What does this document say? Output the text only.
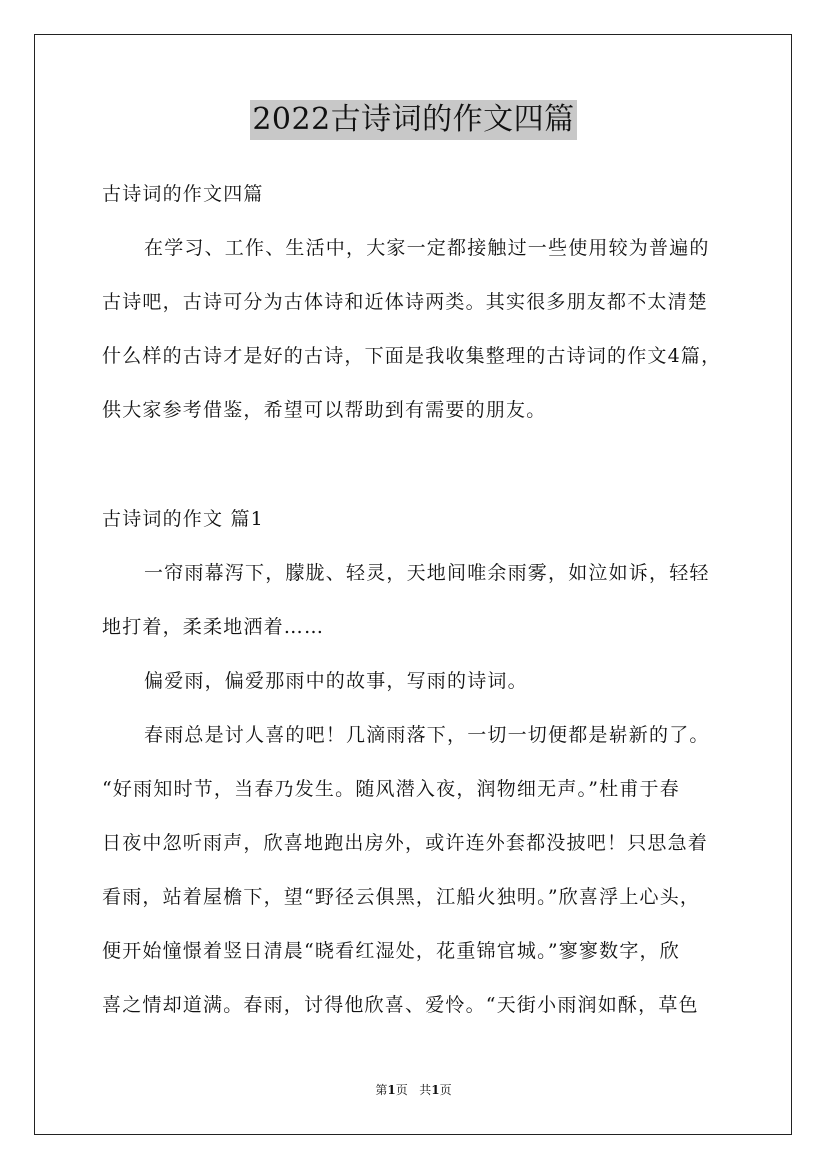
2022古诗词的作文四篇
古诗词的作文四篇
在学习、工作、生活中，大家一定都接触过一些使用较为普遍的
古诗吧，古诗可分为古体诗和近体诗两类。其实很多朋友都不太清楚
什么样的古诗才是好的古诗，下面是我收集整理的古诗词的作文4篇，
供大家参考借鉴，希望可以帮助到有需要的朋友。
古诗词的作文 篇1
一帘雨幕泻下，朦胧、轻灵，天地间唯余雨雾，如泣如诉，轻轻
地打着，柔柔地洒着……
偏爱雨，偏爱那雨中的故事，写雨的诗词。
春雨总是讨人喜的吧！几滴雨落下，一切一切便都是崭新的了。
“好雨知时节，当春乃发生。随风潜入夜，润物细无声。”杜甫于春
日夜中忽听雨声，欣喜地跑出房外，或许连外套都没披吧！只思急着
看雨，站着屋檐下，望“野径云俱黑，江船火独明。”欣喜浮上心头，
便开始憧憬着竖日清晨“晓看红湿处，花重锦官城。”寥寥数字，欣
喜之情却道满。春雨，讨得他欣喜、爱怜。“天街小雨润如酥，草色
第1页   共1页
